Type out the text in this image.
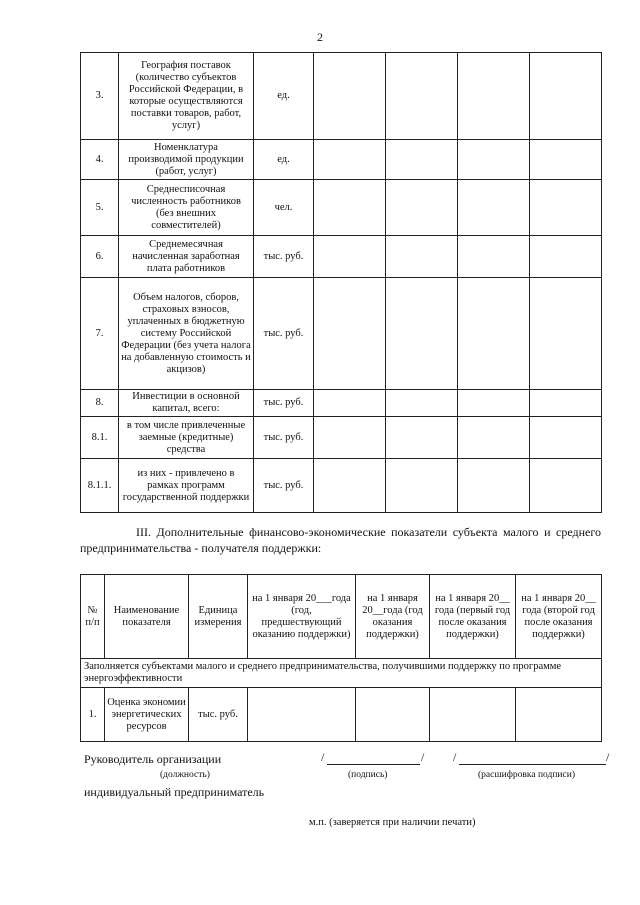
2
3.	География поставок (количество субъектов Российской Федерации, в которые осуществляются поставки товаров, работ, услуг)	ед.				
4.	Номенклатура производимой продукции (работ, услуг)	ед.				
5.	Среднесписочная численность работников (без внешних совместителей)	чел.				
6.	Среднемесячная начисленная заработная плата работников	тыс. руб.				
7.	Объем налогов, сборов, страховых взносов, уплаченных в бюджетную систему Российской Федерации (без учета налога на добавленную стоимость и акцизов)	тыс. руб.				
8.	Инвестиции в основной капитал, всего:	тыс. руб.				
8.1.	в том числе привлеченные заемные (кредитные) средства	тыс. руб.				
8.1.1.	из них - привлечено в рамках программ государственной поддержки	тыс. руб.				
III. Дополнительные финансово-экономические показатели субъекта малого и среднего предпринимательства - получателя поддержки:
№ п/п	Наименование показателя	Единица измерения	на 1 января 20___года (год, предшествующий оказанию поддержки)	на 1 января 20__года (год оказания поддержки)	на 1 января 20__ года (первый год после оказания поддержки)	на 1 января 20__ года (второй год после оказания поддержки)
Заполняется субъектами малого и среднего предпринимательства, получившими поддержку по программе энергоэффективности						
1.	Оценка экономии энергетических ресурсов	тыс. руб.				
Руководитель организации
(должность)
/	/
(подпись)
/	/
(расшифровка подписи)
индивидуальный предприниматель
м.п. (заверяется при наличии печати)
